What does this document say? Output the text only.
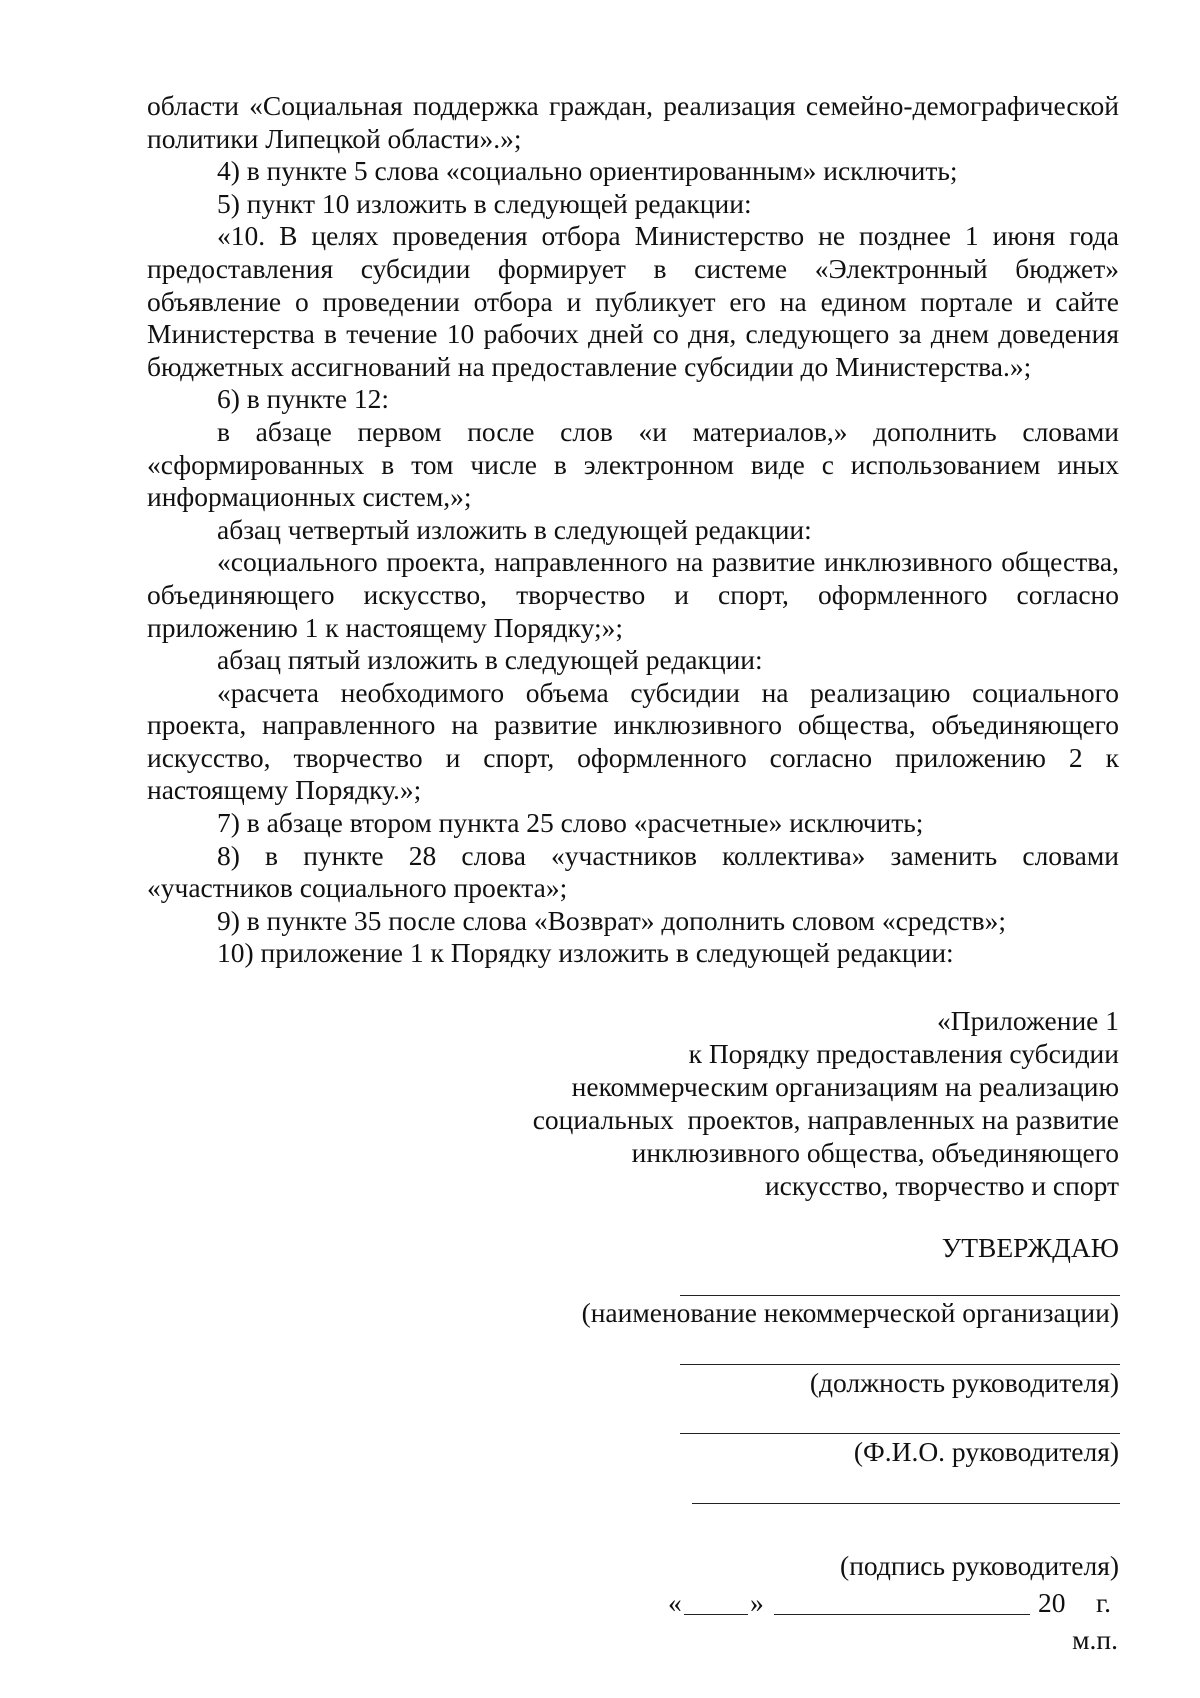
области «Социальная поддержка граждан, реализация семейно-демографической политики Липецкой области».»;

4) в пункте 5 слова «социально ориентированным» исключить;

5) пункт 10 изложить в следующей редакции:

«10. В целях проведения отбора Министерство не позднее 1 июня года предоставления субсидии формирует в системе «Электронный бюджет» объявление о проведении отбора и публикует его на едином портале и сайте Министерства в течение 10 рабочих дней со дня, следующего за днем доведения бюджетных ассигнований на предоставление субсидии до Министерства.»;

6) в пункте 12:

в абзаце первом после слов «и материалов,» дополнить словами «сформированных в том числе в электронном виде с использованием иных информационных систем,»;

абзац четвертый изложить в следующей редакции:

«социального проекта, направленного на развитие инклюзивного общества, объединяющего искусство, творчество и спорт, оформленного согласно приложению 1 к настоящему Порядку;»;

абзац пятый изложить в следующей редакции:

«расчета необходимого объема субсидии на реализацию социального проекта, направленного на развитие инклюзивного общества, объединяющего искусство, творчество и спорт, оформленного согласно приложению 2 к настоящему Порядку.»;

7) в абзаце втором пункта 25 слово «расчетные» исключить;

8) в пункте 28 слова «участников коллектива» заменить словами «участников социального проекта»;

9) в пункте 35 после слова «Возврат» дополнить словом «средств»;

10) приложение 1 к Порядку изложить в следующей редакции:

«Приложение 1
к Порядку предоставления субсидии
некоммерческим организациям на реализацию
социальных  проектов, направленных на развитие
инклюзивного общества, объединяющего
искусство, творчество и спорт
УТВЕРЖДАЮ
(наименование некоммерческой организации)
(должность руководителя)
(Ф.И.О. руководителя)
(подпись руководителя)
« »	20 г.
м.п.
